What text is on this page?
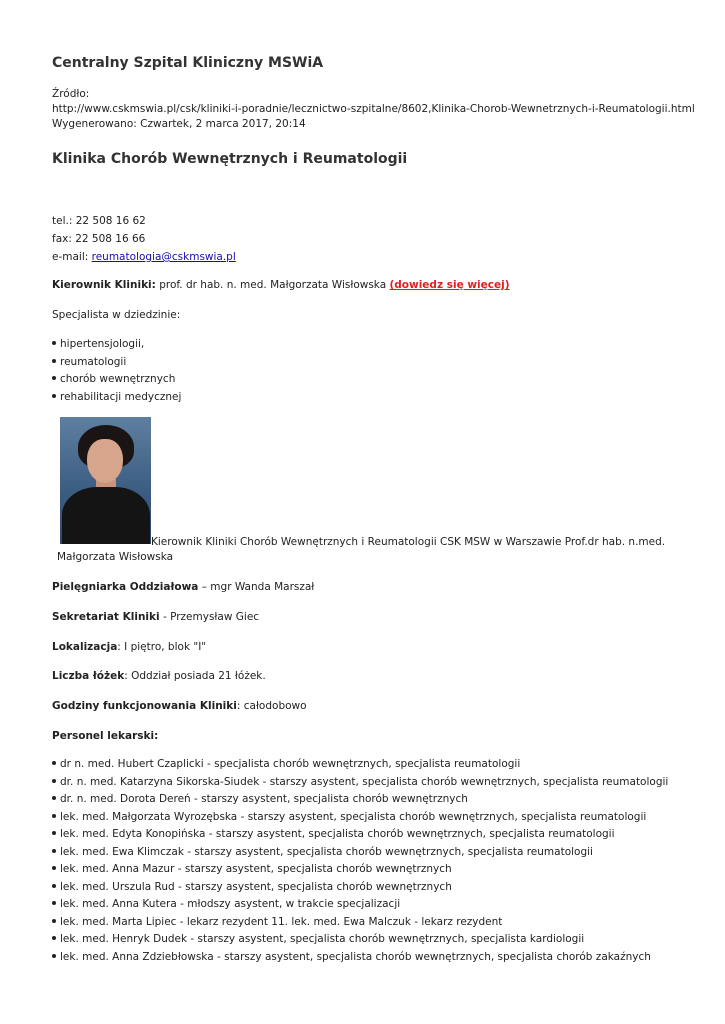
Centralny Szpital Kliniczny MSWiA
Źródło:
http://www.cskmswia.pl/csk/kliniki-i-poradnie/lecznictwo-szpitalne/8602,Klinika-Chorob-Wewnetrznych-i-Reumatologii.html
Wygenerowano: Czwartek, 2 marca 2017, 20:14
Klinika Chorób Wewnętrznych i Reumatologii
tel.: 22 508 16 62
fax: 22 508 16 66
e-mail: reumatologia@cskmswia.pl
Kierownik Kliniki: prof. dr hab. n. med. Małgorzata Wisłowska (dowiedz się więcej)
Specjalista w dziedzinie:
hipertensjologii,
reumatologii
chorób wewnętrznych
rehabilitacji medycznej
Kierownik Kliniki Chorób Wewnętrznych i Reumatologii CSK MSW w Warszawie Prof.dr hab. n.med.
Małgorzata Wisłowska
Pielęgniarka Oddziałowa – mgr Wanda Marszał
Sekretariat Kliniki - Przemysław Giec
Lokalizacja: I piętro, blok "I"
Liczba łóżek: Oddział posiada 21 łóżek.
Godziny funkcjonowania Kliniki: całodobowo
Personel lekarski:
dr n. med. Hubert Czaplicki - specjalista chorób wewnętrznych, specjalista reumatologii
dr. n. med. Katarzyna Sikorska-Siudek - starszy asystent, specjalista chorób wewnętrznych, specjalista reumatologii
dr. n. med. Dorota Dereń - starszy asystent, specjalista chorób wewnętrznych
lek. med. Małgorzata Wyrozębska - starszy asystent, specjalista chorób wewnętrznych, specjalista reumatologii
lek. med. Edyta Konopińska - starszy asystent, specjalista chorób wewnętrznych, specjalista reumatologii
lek. med. Ewa Klimczak - starszy asystent, specjalista chorób wewnętrznych, specjalista reumatologii
lek. med. Anna Mazur - starszy asystent, specjalista chorób wewnętrznych
lek. med. Urszula Rud - starszy asystent, specjalista chorób wewnętrznych
lek. med. Anna Kutera - młodszy asystent, w trakcie specjalizacji
lek. med. Marta Lipiec - lekarz rezydent 11. lek. med. Ewa Malczuk - lekarz rezydent
lek. med. Henryk Dudek - starszy asystent, specjalista chorób wewnętrznych, specjalista kardiologii
lek. med. Anna Zdziebłowska - starszy asystent, specjalista chorób wewnętrznych, specjalista chorób zakaźnych
